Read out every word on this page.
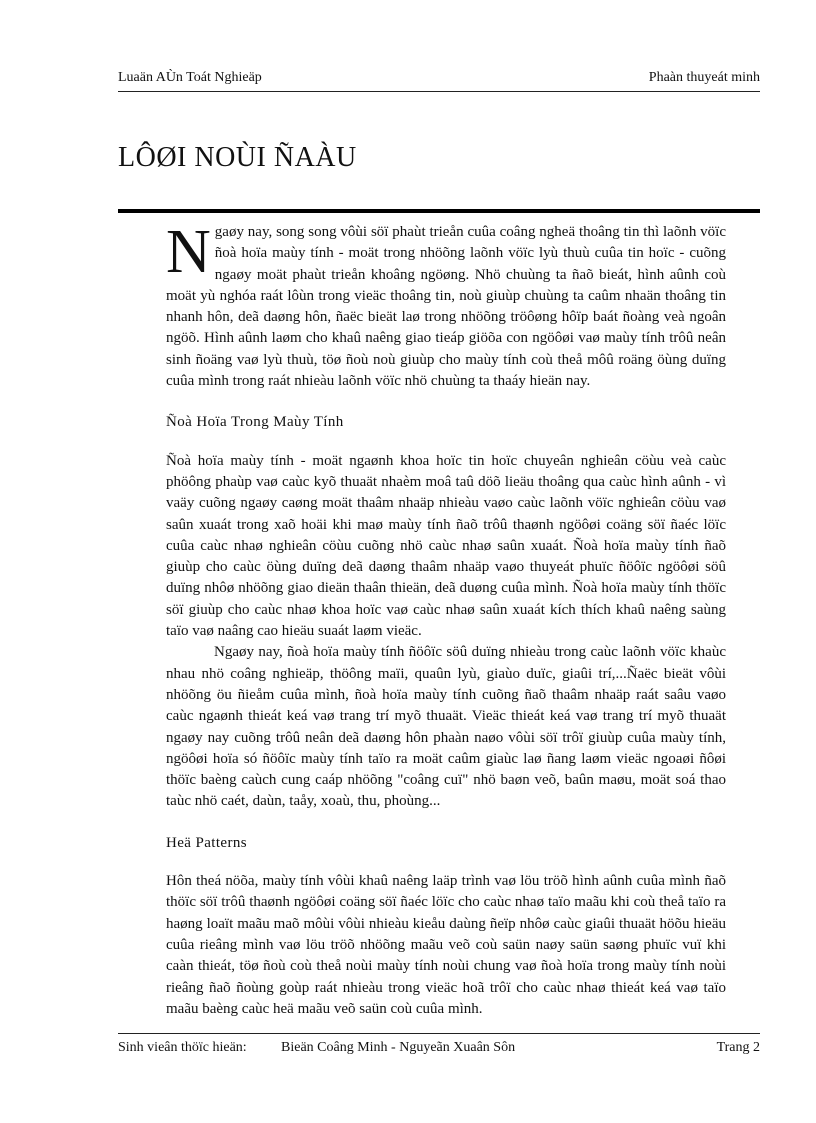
Luaän AÙn Toát Nghieäp	Phaàn thuyeát minh
LÔØI NOÙI ÑAÀU

Ngaøy nay, song song vôùi söï phaùt trieån cuûa coâng ngheä thoâng tin thì laõnh vöïc ñoà hoïa maùy tính - moät trong nhöõng laõnh vöïc lyù thuù cuûa tin hoïc - cuõng ngaøy moät phaùt trieån khoâng ngöøng. Nhö chuùng ta ñaõ bieát, hình aûnh coù moät yù nghóa raát lôùn trong vieäc thoâng tin, noù giuùp chuùng ta caûm nhaän thoâng tin nhanh hôn, deã daøng hôn, ñaëc bieät laø trong nhöõng tröôøng hôïp baát ñoàng veà ngoân ngöõ. Hình aûnh laøm cho khaû naêng giao tieáp giöõa con ngöôøi vaø maùy tính trôû neân sinh ñoäng vaø lyù thuù, töø ñoù noù giuùp cho maùy tính coù theå môû roäng öùng duïng cuûa mình trong raát nhieàu laõnh vöïc nhö chuùng ta thaáy hieän nay.

Ñoà Hoïa Trong Maùy Tính

Ñoà hoïa maùy tính - moät ngaønh khoa hoïc tin hoïc chuyeân nghieân cöùu veà caùc phöông phaùp vaø caùc kyõ thuaät nhaèm moâ taû döõ lieäu thoâng qua caùc hình aûnh - vì vaäy cuõng ngaøy caøng moät thaâm nhaäp nhieàu vaøo caùc laõnh vöïc nghieân cöùu vaø saûn xuaát trong xaõ hoäi khi maø maùy tính ñaõ trôû thaønh ngöôøi coäng söï ñaéc löïc cuûa caùc nhaø nghieân cöùu cuõng nhö caùc nhaø saûn xuaát. Ñoà hoïa maùy tính ñaõ giuùp cho caùc öùng duïng deã daøng thaâm nhaäp vaøo thuyeát phuïc ñöôïc ngöôøi söû duïng nhôø nhöõng giao dieän thaân thieän, deã duøng cuûa mình. Ñoà hoïa maùy tính thöïc söï giuùp cho caùc nhaø khoa hoïc vaø caùc nhaø saûn xuaát kích thích khaû naêng saùng taïo vaø naâng cao hieäu suaát laøm vieäc.

Ngaøy nay, ñoà hoïa maùy tính ñöôïc söû duïng nhieàu trong caùc laõnh vöïc khaùc nhau nhö coâng nghieäp, thöông maïi, quaûn lyù, giaùo duïc, giaûi trí,...Ñaëc bieät vôùi nhöõng öu ñieåm cuûa mình, ñoà hoïa maùy tính cuõng ñaõ thaâm nhaäp raát saâu vaøo caùc ngaønh thieát keá vaø trang trí myõ thuaät. Vieäc thieát keá vaø trang trí myõ thuaät ngaøy nay cuõng trôû neân deã daøng hôn phaàn naøo vôùi söï trôï giuùp cuûa maùy tính, ngöôøi hoïa só ñöôïc maùy tính taïo ra moät caûm giaùc laø ñang laøm vieäc ngoaøi ñôøi thöïc baèng caùch cung caáp nhöõng "coâng cuï" nhö baøn veõ, baûn maøu, moät soá thao taùc nhö caét, daùn, taåy, xoaù, thu, phoùng...

Heä Patterns

Hôn theá nöõa, maùy tính vôùi khaû naêng laäp trình vaø löu tröõ hình aûnh cuûa mình ñaõ thöïc söï trôû thaønh ngöôøi coäng söï ñaéc löïc cho caùc nhaø taïo maãu khi coù theå taïo ra haøng loaït maãu maõ môùi vôùi nhieàu kieåu daùng ñeïp nhôø caùc giaûi thuaät höõu hieäu cuûa rieâng mình vaø löu tröõ nhöõng maãu veõ coù saün naøy saün saøng phuïc vuï khi caàn thieát, töø ñoù coù theå noùi maùy tính noùi chung vaø ñoà hoïa trong maùy tính noùi rieâng ñaõ ñoùng goùp raát nhieàu trong vieäc hoã trôï cho caùc nhaø thieát keá vaø taïo maãu baèng caùc heä maãu veõ saün coù cuûa mình.

Sinh vieân thöïc hieän: Bieän Coâng Minh - Nguyeãn Xuaân Sôn	Trang 2
